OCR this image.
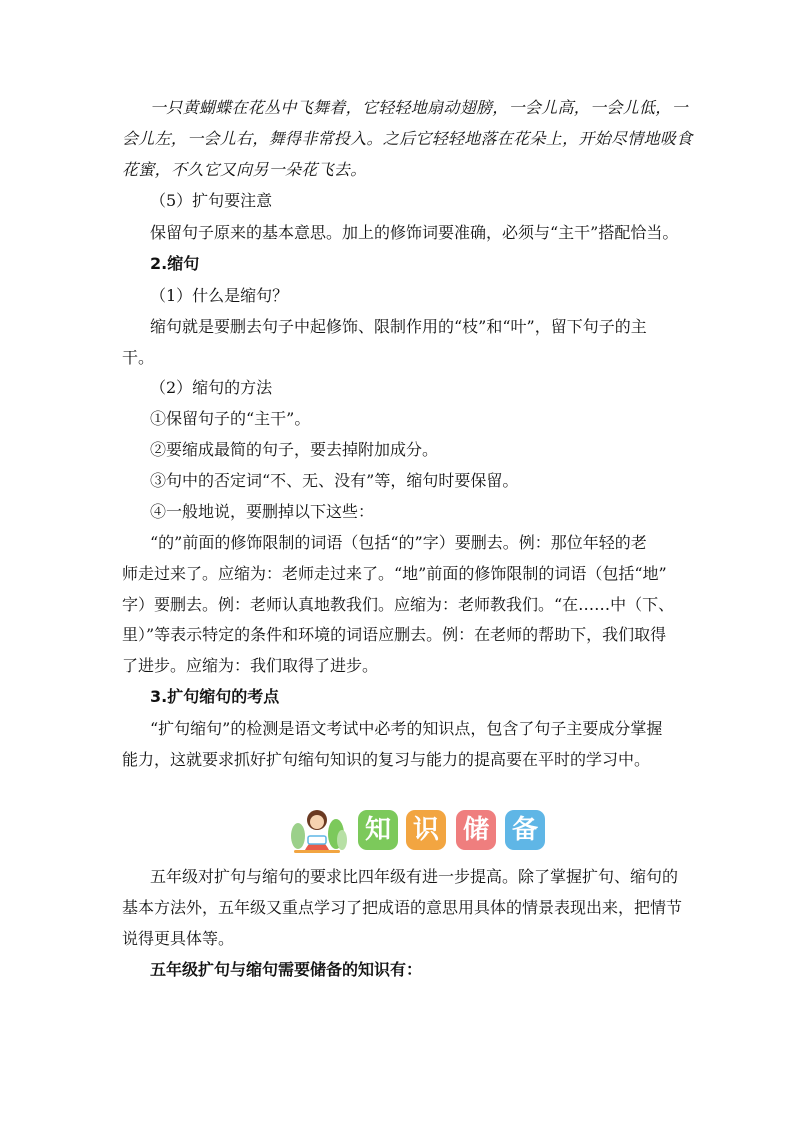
一只黄蝴蝶在花丛中飞舞着，它轻轻地扇动翅膀，一会儿高，一会儿低，一
会儿左，一会儿右，舞得非常投入。之后它轻轻地落在花朵上，开始尽情地吸食
花蜜，不久它又向另一朵花飞去。
（5）扩句要注意
保留句子原来的基本意思。加上的修饰词要准确，必须与“主干”搭配恰当。
2.缩句
（1）什么是缩句？
缩句就是要删去句子中起修饰、限制作用的“枝”和“叶”，留下句子的主
干。
（2）缩句的方法
①保留句子的“主干”。
②要缩成最简的句子，要去掉附加成分。
③句中的否定词“不、无、没有”等，缩句时要保留。
④一般地说，要删掉以下这些：
“的”前面的修饰限制的词语（包括“的”字）要删去。例：那位年轻的老
师走过来了。应缩为：老师走过来了。“地”前面的修饰限制的词语（包括“地”
字）要删去。例：老师认真地教我们。应缩为：老师教我们。“在……中（下、
里）”等表示特定的条件和环境的词语应删去。例：在老师的帮助下，我们取得
了进步。应缩为：我们取得了进步。
3.扩句缩句的考点
“扩句缩句”的检测是语文考试中必考的知识点，包含了句子主要成分掌握
能力，这就要求抓好扩句缩句知识的复习与能力的提高要在平时的学习中。
知 识 储 备
五年级对扩句与缩句的要求比四年级有进一步提高。除了掌握扩句、缩句的
基本方法外，五年级又重点学习了把成语的意思用具体的情景表现出来，把情节
说得更具体等。
五年级扩句与缩句需要储备的知识有：
